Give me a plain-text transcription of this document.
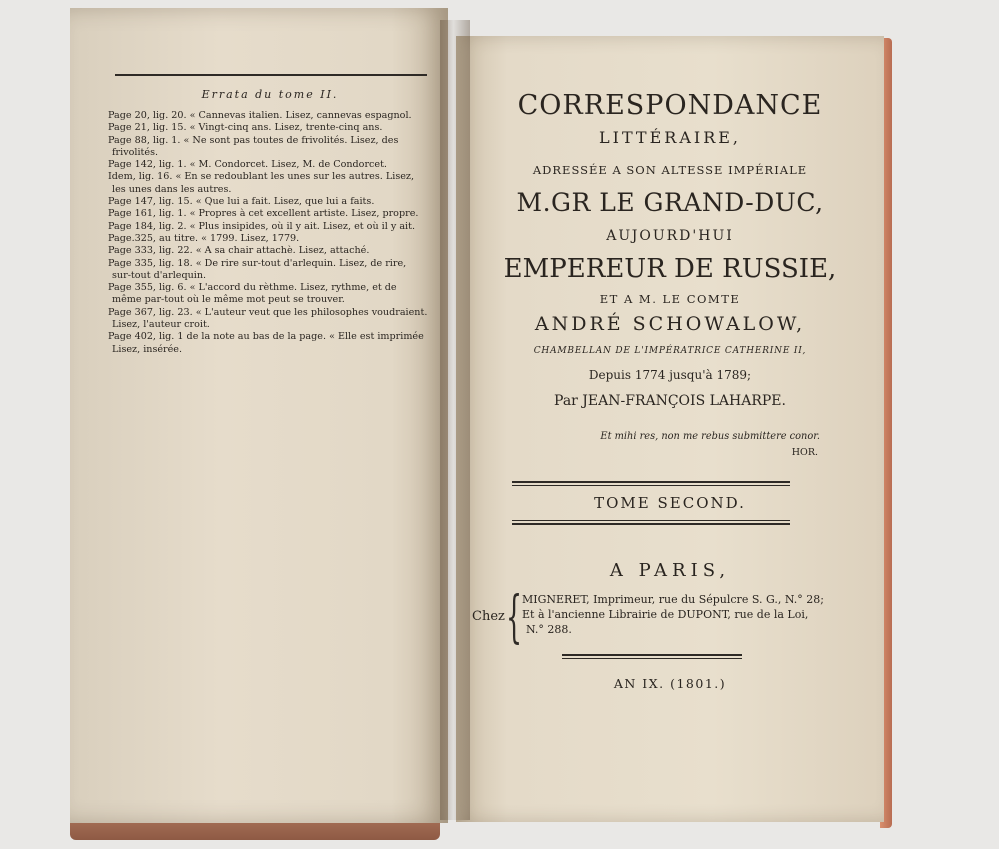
Errata du tome II.
Page 20, lig. 20. « Cannevas italien. Lisez, cannevas espagnol.
Page 21, lig. 15. « Vingt-cinq ans. Lisez, trente-cinq ans.
Page 88, lig. 1. « Ne sont pas toutes de frivolités. Lisez, des
frivolités.
Page 142, lig. 1. « M. Condorcet. Lisez, M. de Condorcet.
Idem, lig. 16. « En se redoublant les unes sur les autres. Lisez,
les unes dans les autres.
Page 147, lig. 15. « Que lui a fait. Lisez, que lui a faits.
Page 161, lig. 1. « Propres à cet excellent artiste. Lisez, propre.
Page 184, lig. 2. « Plus insipides, où il y ait. Lisez, et où il y ait.
Page.325, au titre. « 1799. Lisez, 1779.
Page 333, lig. 22. « A sa chair attachè. Lisez, attaché.
Page 335, lig. 18. « De rire sur-tout d'arlequin. Lisez, de rire,
sur-tout d'arlequin.
Page 355, lig. 6. « L'accord du rèthme. Lisez, rythme, et de
même par-tout où le même mot peut se trouver.
Page 367, lig. 23. « L'auteur veut que les philosophes voudraient.
Lisez, l'auteur croit.
Page 402, lig. 1 de la note au bas de la page. « Elle est imprimée
Lisez, insérée.
CORRESPONDANCE
LITTÉRAIRE,
ADRESSÉE A SON ALTESSE IMPÉRIALE
M.GR LE GRAND-DUC,
AUJOURD'HUI
EMPEREUR DE RUSSIE,
ET A M. LE COMTE
ANDRÉ SCHOWALOW,
CHAMBELLAN DE L'IMPÉRATRICE CATHERINE II,
Depuis 1774 jusqu'à 1789;
Par JEAN-FRANÇOIS LAHARPE.
Et mihi res, non me rebus submittere conor.
HOR.
TOME SECOND.
A PARIS,
Chez { MIGNERET, Imprimeur, rue du Sépulcre S. G., N.° 28;
Et à l'ancienne Librairie de DUPONT, rue de la Loi,
N.° 288.
AN IX. (1801.)
